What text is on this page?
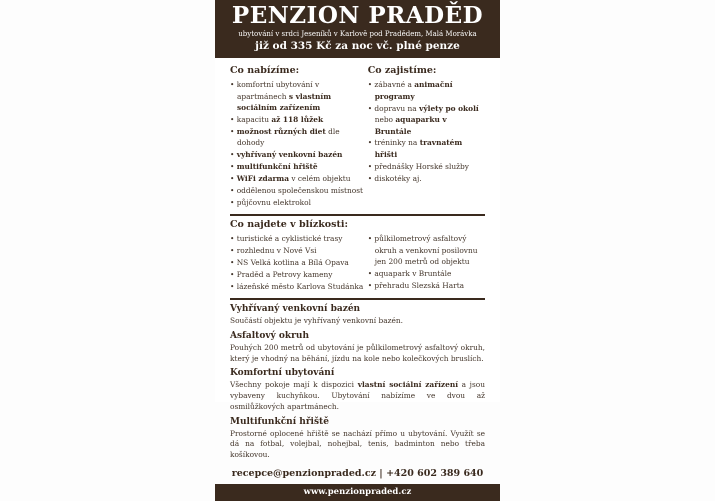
PENZION PRADĚD
ubytování v srdci Jeseníků v Karlově pod Pradědem, Malá Morávka
již od 335 Kč za noc vč. plné penze
Co nabízíme:
• komfortní ubytování v apartmánech s vlastním sociálním zařízením
• kapacitu až 118 lůžek
• možnost různých diet dle dohody
• vyhřívaný venkovní bazén
• multifunkční hřiště
• WiFi zdarma v celém objektu
• oddělenou společenskou místnost
• půjčovnu elektrokol
Co zajistíme:
• zábavné a animační programy
• dopravu na výlety po okolí nebo aquaparku v Bruntále
• tréninky na travnatém hřišti
• přednášky Horské služby
• diskotéky aj.
Co najdete v blízkosti:
• turistické a cyklistické trasy
• rozhlednu v Nové Vsi
• NS Velká kotlina a Bílá Opava
• Praděd a Petrovy kameny
• lázeňské město Karlova Studánka
• půlkilometrový asfaltový okruh a venkovní posilovnu jen 200 metrů od objektu
• aquapark v Bruntále
• přehradu Slezská Harta
Vyhřívaný venkovní bazén

Součástí objektu je vyhřívaný venkovní bazén.

Asfaltový okruh

Pouhých 200 metrů od ubytování je půlkilometrový asfaltový okruh, který je vhodný na běhání, jízdu na kole nebo kolečkových bruslích.

Komfortní ubytování

Všechny pokoje mají k dispozici vlastní sociální zařízení a jsou vybaveny kuchyňkou. Ubytování nabízíme ve dvou až osmilůžkových apartmánech.

Multifunkční hřiště

Prostorné oplocené hřiště se nachází přímo u ubytování. Využít se dá na fotbal, volejbal, nohejbal, tenis, badminton nebo třeba košíkovou.

recepce@penzionpraded.cz | +420 602 389 640
www.penzionpraded.cz
